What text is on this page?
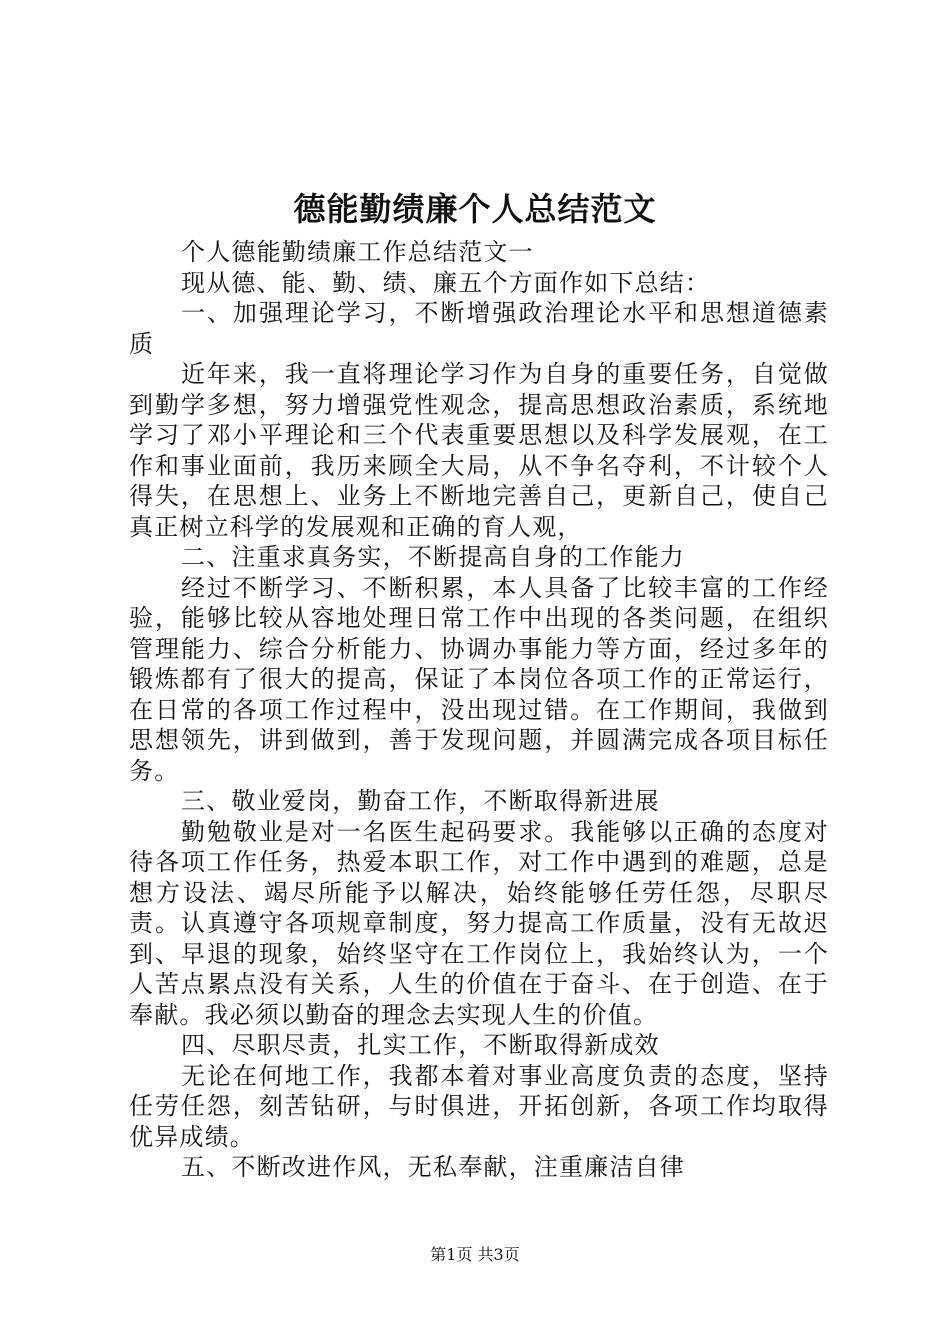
德能勤绩廉个人总结范文

个人德能勤绩廉工作总结范文一

现从德、能、勤、绩、廉五个方面作如下总结：

一、加强理论学习，不断增强政治理论水平和思想道德素质

近年来，我一直将理论学习作为自身的重要任务，自觉做到勤学多想，努力增强党性观念，提高思想政治素质，系统地学习了邓小平理论和三个代表重要思想以及科学发展观，在工作和事业面前，我历来顾全大局，从不争名夺利，不计较个人得失，在思想上、业务上不断地完善自己，更新自己，使自己真正树立科学的发展观和正确的育人观，

二、注重求真务实，不断提高自身的工作能力

经过不断学习、不断积累，本人具备了比较丰富的工作经验，能够比较从容地处理日常工作中出现的各类问题，在组织管理能力、综合分析能力、协调办事能力等方面，经过多年的锻炼都有了很大的提高，保证了本岗位各项工作的正常运行，在日常的各项工作过程中，没出现过错。在工作期间，我做到思想领先，讲到做到，善于发现问题，并圆满完成各项目标任务。

三、敬业爱岗，勤奋工作，不断取得新进展

勤勉敬业是对一名医生起码要求。我能够以正确的态度对待各项工作任务，热爱本职工作，对工作中遇到的难题，总是想方设法、竭尽所能予以解决，始终能够任劳任怨，尽职尽责。认真遵守各项规章制度，努力提高工作质量，没有无故迟到、早退的现象，始终坚守在工作岗位上，我始终认为，一个人苦点累点没有关系，人生的价值在于奋斗、在于创造、在于奉献。我必须以勤奋的理念去实现人生的价值。

四、尽职尽责，扎实工作，不断取得新成效

无论在何地工作，我都本着对事业高度负责的态度，坚持任劳任怨，刻苦钻研，与时俱进，开拓创新，各项工作均取得优异成绩。

五、不断改进作风，无私奉献，注重廉洁自律

第1页 共3页
